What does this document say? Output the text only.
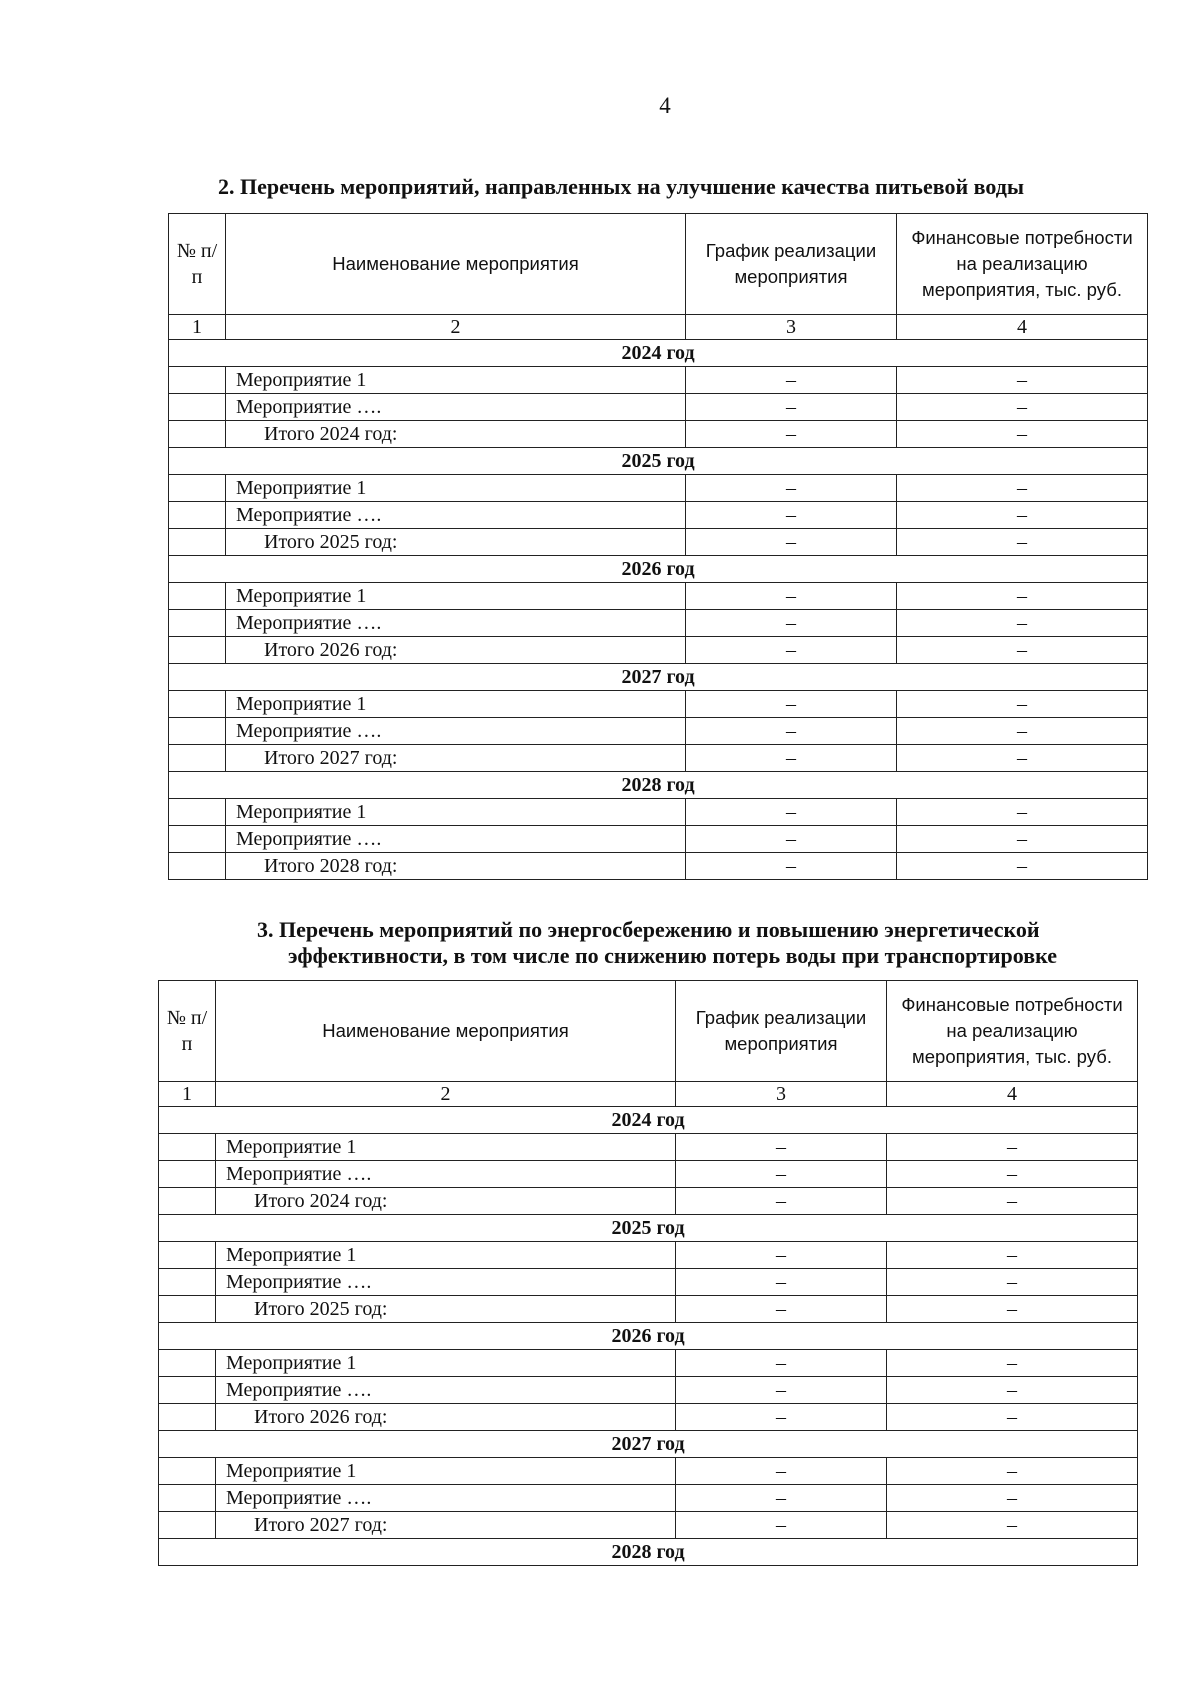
4
2. Перечень мероприятий, направленных на улучшение качества питьевой воды
№ п/п	Наименование мероприятия	График реализации мероприятия	Финансовые потребности на реализацию мероприятия, тыс. руб.
1	2	3	4
2024 год			
	Мероприятие 1	–	–
	Мероприятие ….	–	–
	Итого 2024 год:	–	–
2025 год			
	Мероприятие 1	–	–
	Мероприятие ….	–	–
	Итого 2025 год:	–	–
2026 год			
	Мероприятие 1	–	–
	Мероприятие ….	–	–
	Итого 2026 год:	–	–
2027 год			
	Мероприятие 1	–	–
	Мероприятие ….	–	–
	Итого 2027 год:	–	–
2028 год			
	Мероприятие 1	–	–
	Мероприятие ….	–	–
	Итого 2028 год:	–	–
3. Перечень мероприятий по энергосбережению и повышению энергетической
эффективности, в том числе по снижению потерь воды при транспортировке
№ п/п	Наименование мероприятия	График реализации мероприятия	Финансовые потребности на реализацию мероприятия, тыс. руб.
1	2	3	4
2024 год			
	Мероприятие 1	–	–
	Мероприятие ….	–	–
	Итого 2024 год:	–	–
2025 год			
	Мероприятие 1	–	–
	Мероприятие ….	–	–
	Итого 2025 год:	–	–
2026 год			
	Мероприятие 1	–	–
	Мероприятие ….	–	–
	Итого 2026 год:	–	–
2027 год			
	Мероприятие 1	–	–
	Мероприятие ….	–	–
	Итого 2027 год:	–	–
2028 год			
